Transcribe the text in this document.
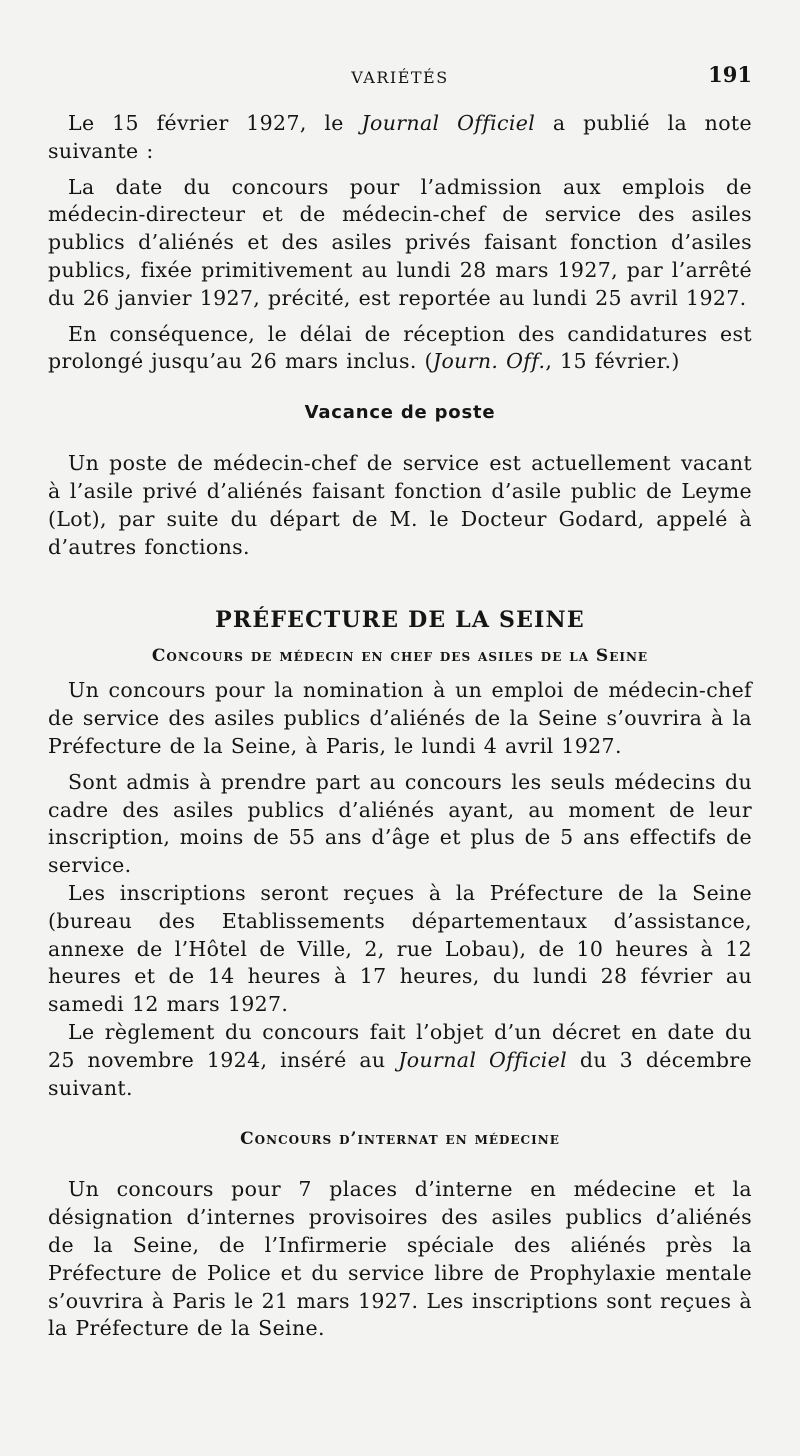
VARIÉTÉS	191

Le 15 février 1927, le Journal Officiel a publié la note suivante :

La date du concours pour l’admission aux emplois de médecin-directeur et de médecin-chef de service des asiles publics d’aliénés et des asiles privés faisant fonction d’asiles publics, fixée primitivement au lundi 28 mars 1927, par l’arrêté du 26 janvier 1927, précité, est reportée au lundi 25 avril 1927.

En conséquence, le délai de réception des candidatures est prolongé jusqu’au 26 mars inclus. (Journ. Off., 15 février.)

Vacance de poste

Un poste de médecin-chef de service est actuellement vacant à l’asile privé d’aliénés faisant fonction d’asile public de Leyme (Lot), par suite du départ de M. le Docteur Godard, appelé à d’autres fonctions.

PRÉFECTURE DE LA SEINE
Concours de médecin en chef des asiles de la Seine

Un concours pour la nomination à un emploi de médecin-chef de service des asiles publics d’aliénés de la Seine s’ouvrira à la Préfecture de la Seine, à Paris, le lundi 4 avril 1927.

Sont admis à prendre part au concours les seuls médecins du cadre des asiles publics d’aliénés ayant, au moment de leur inscription, moins de 55 ans d’âge et plus de 5 ans effectifs de service.

Les inscriptions seront reçues à la Préfecture de la Seine (bureau des Etablissements départementaux d’assistance, annexe de l’Hôtel de Ville, 2, rue Lobau), de 10 heures à 12 heures et de 14 heures à 17 heures, du lundi 28 février au samedi 12 mars 1927.

Le règlement du concours fait l’objet d’un décret en date du 25 novembre 1924, inséré au Journal Officiel du 3 décembre suivant.

Concours d’internat en médecine

Un concours pour 7 places d’interne en médecine et la désignation d’internes provisoires des asiles publics d’aliénés de la Seine, de l’Infirmerie spéciale des aliénés près la Préfecture de Police et du service libre de Prophylaxie mentale s’ouvrira à Paris le 21 mars 1927. Les inscriptions sont reçues à la Préfecture de la Seine.
